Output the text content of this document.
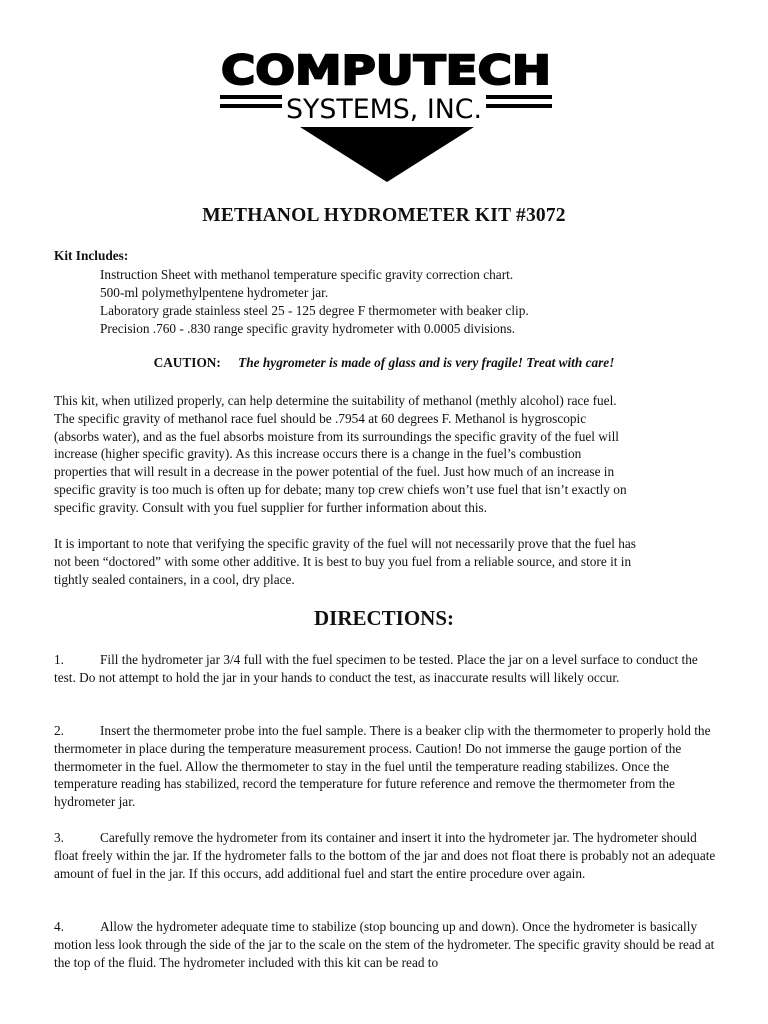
COMPUTECH
SYSTEMS, INC.
METHANOL HYDROMETER KIT #3072
Kit Includes:
Instruction Sheet with methanol temperature specific gravity correction chart.
500-ml polymethylpentene hydrometer jar.
Laboratory grade stainless steel 25 - 125 degree F thermometer with beaker clip.
Precision .760 - .830 range specific gravity hydrometer with 0.0005 divisions.
CAUTION: The hygrometer is made of glass and is very fragile! Treat with care!

This kit, when utilized properly, can help determine the suitability of methanol (methly alcohol) race fuel.
The specific gravity of methanol race fuel should be .7954 at 60 degrees F. Methanol is hygroscopic
(absorbs water), and as the fuel absorbs moisture from its surroundings the specific gravity of the fuel will
increase (higher specific gravity). As this increase occurs there is a change in the fuel’s combustion
properties that will result in a decrease in the power potential of the fuel. Just how much of an increase in
specific gravity is too much is often up for debate; many top crew chiefs won’t use fuel that isn’t exactly on
specific gravity. Consult with you fuel supplier for further information about this.

It is important to note that verifying the specific gravity of the fuel will not necessarily prove that the fuel has
not been “doctored” with some other additive. It is best to buy you fuel from a reliable source, and store it in
tightly sealed containers, in a cool, dry place.

DIRECTIONS:

1.	Fill the hydrometer jar 3/4 full with the fuel specimen to be tested. Place the jar on a level surface to conduct the test. Do not attempt to hold the jar in your hands to conduct the test, as inaccurate results will likely occur.

2.	Insert the thermometer probe into the fuel sample. There is a beaker clip with the thermometer to properly hold the thermometer in place during the temperature measurement process. Caution! Do not immerse the gauge portion of the thermometer in the fuel. Allow the thermometer to stay in the fuel until the temperature reading stabilizes. Once the temperature reading has stabilized, record the temperature for future reference and remove the thermometer from the hydrometer jar.

3.	Carefully remove the hydrometer from its container and insert it into the hydrometer jar. The hydrometer should float freely within the jar. If the hydrometer falls to the bottom of the jar and does not float there is probably not an adequate amount of fuel in the jar. If this occurs, add additional fuel and start the entire procedure over again.

4.	Allow the hydrometer adequate time to stabilize (stop bouncing up and down). Once the hydrometer is basically motion less look through the side of the jar to the scale on the stem of the hydrometer. The specific gravity should be read at the top of the fluid. The hydrometer included with this kit can be read to
